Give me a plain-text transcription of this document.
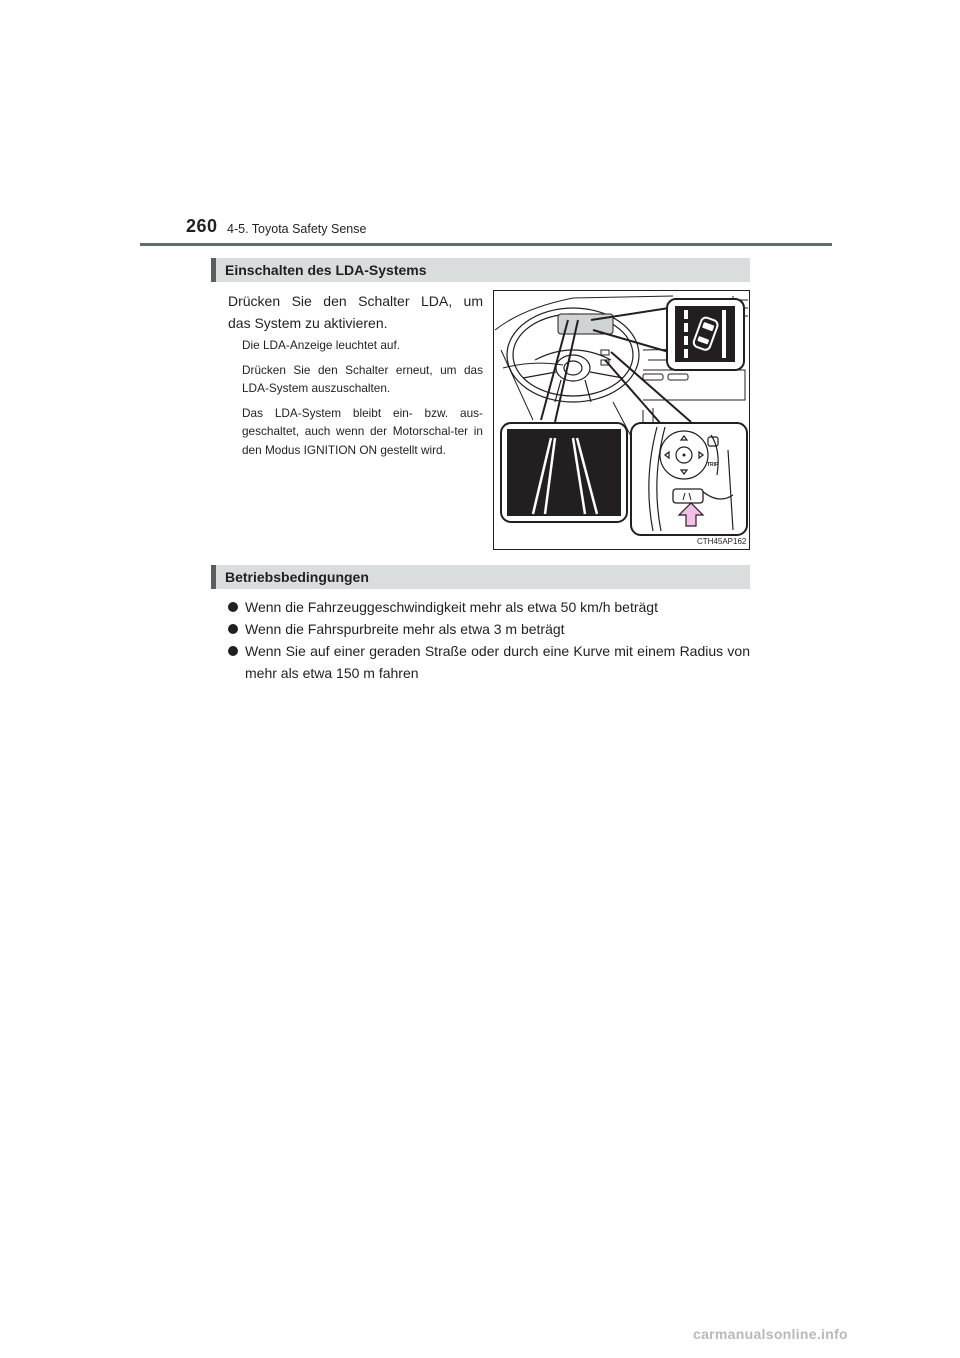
260 4-5. Toyota Safety Sense
Einschalten des LDA-Systems
Drücken Sie den Schalter LDA, um
das System zu aktivieren.

Die LDA-Anzeige leuchtet auf.

Drücken Sie den Schalter erneut, um das LDA-System auszuschalten.

Das LDA-System bleibt ein- bzw. aus-geschaltet, auch wenn der Motorschal-ter in den Modus IGNITION ON gestellt wird.

TRIP
CTH45AP162
Betriebsbedingungen
Wenn die Fahrzeuggeschwindigkeit mehr als etwa 50 km/h beträgt
Wenn die Fahrspurbreite mehr als etwa 3 m beträgt
Wenn Sie auf einer geraden Straße oder durch eine Kurve mit einem Radius von mehr als etwa 150 m fahren
carmanualsonline.info
